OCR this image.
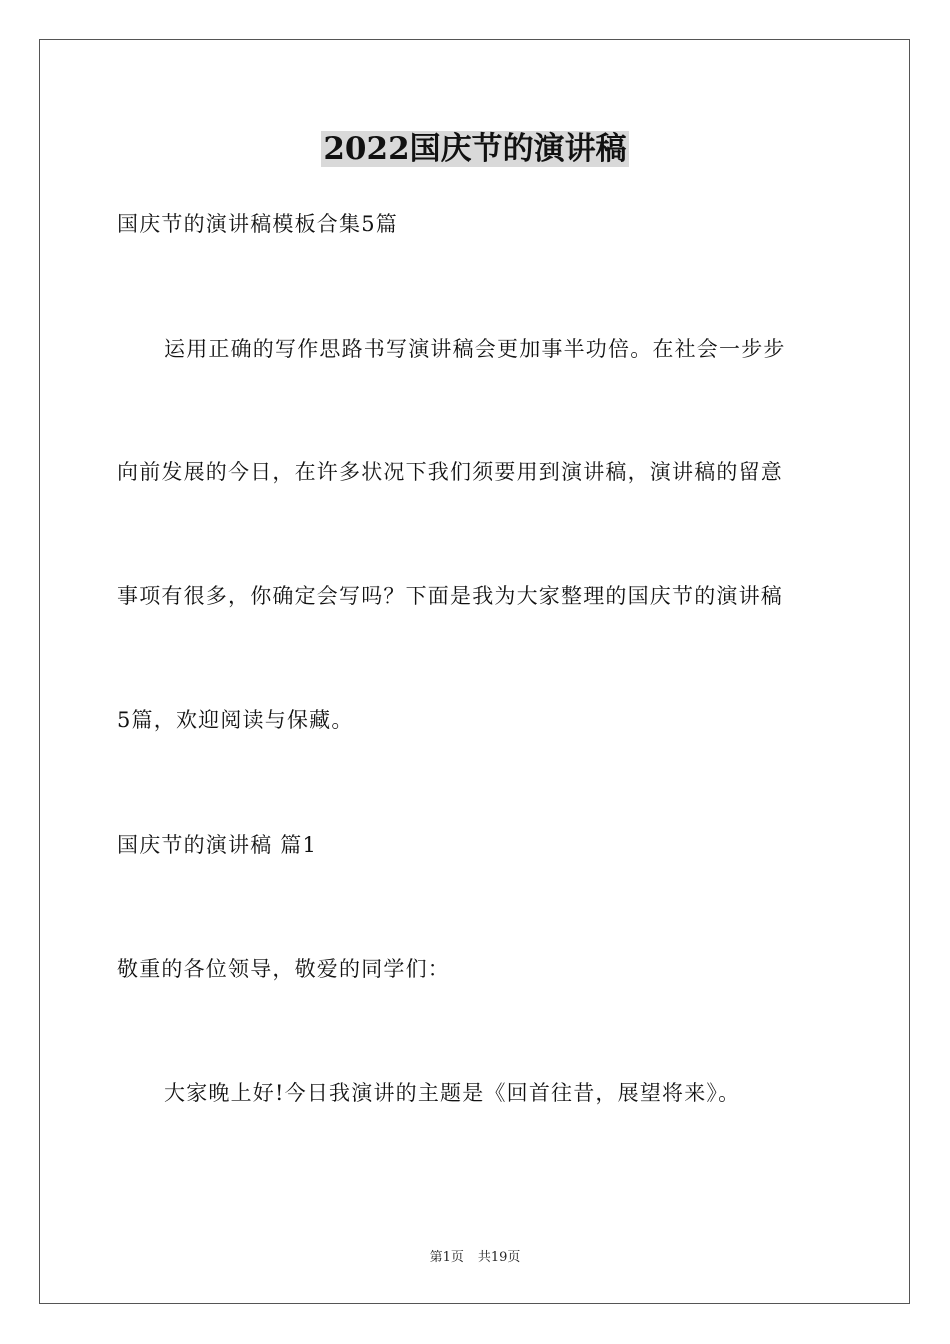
2022国庆节的演讲稿
国庆节的演讲稿模板合集5篇
运用正确的写作思路书写演讲稿会更加事半功倍。在社会一步步
向前发展的今日，在许多状况下我们须要用到演讲稿，演讲稿的留意
事项有很多，你确定会写吗？下面是我为大家整理的国庆节的演讲稿
5篇，欢迎阅读与保藏。
国庆节的演讲稿 篇1
敬重的各位领导，敬爱的同学们：
大家晚上好!今日我演讲的主题是《回首往昔，展望将来》。
第1页 共19页
